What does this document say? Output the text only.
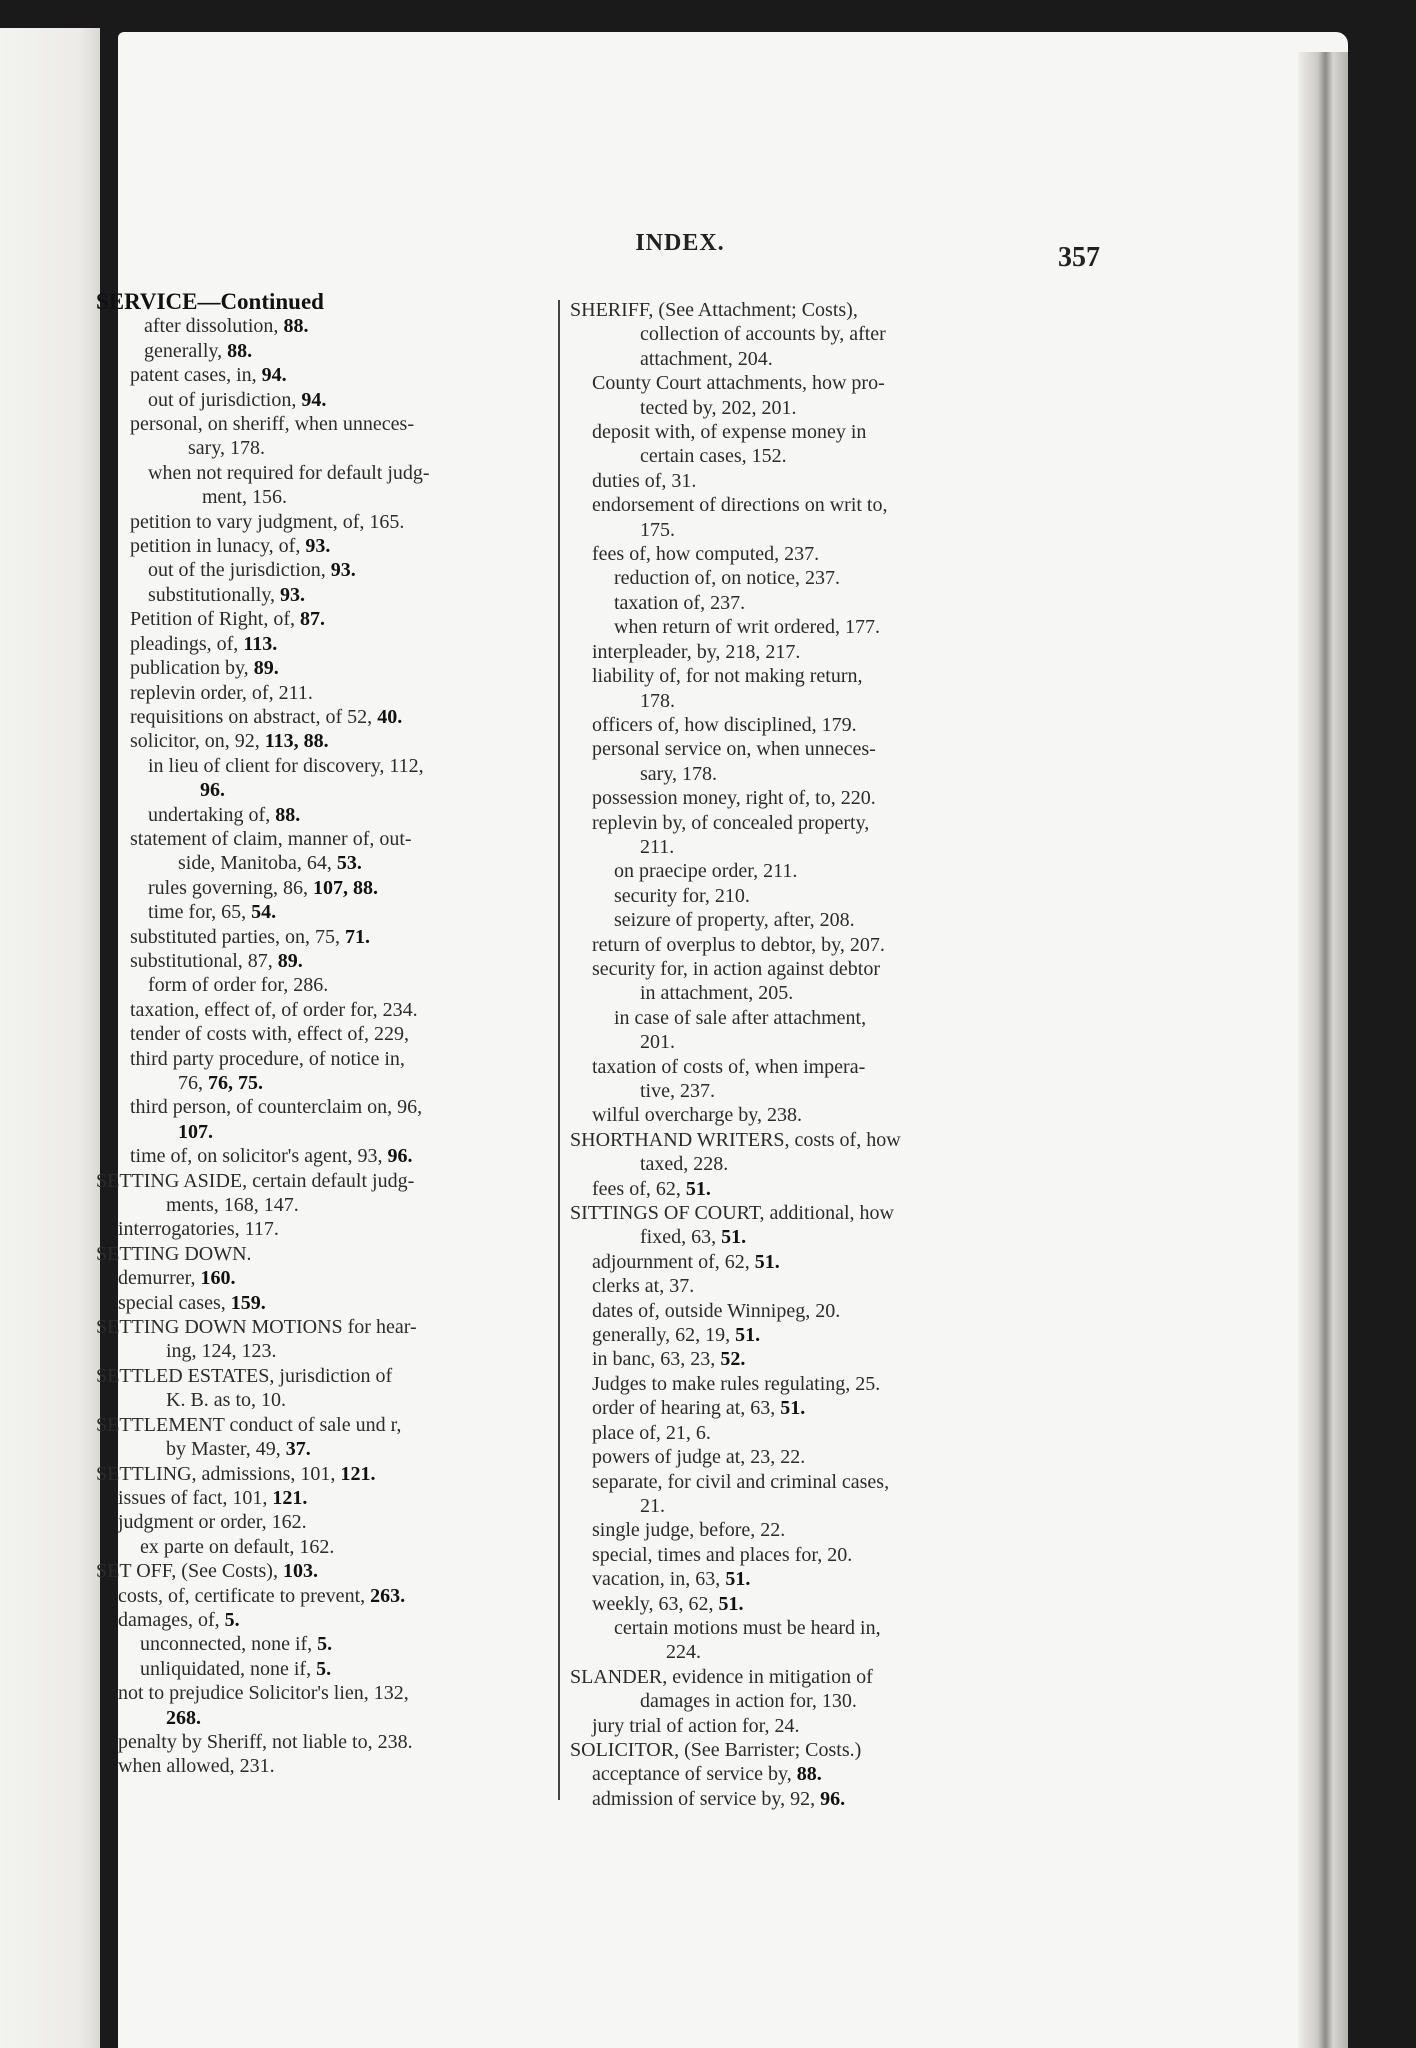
INDEX.	357
SERVICE—Continued
after dissolution, 88.
generally, 88.
patent cases, in, 94.
out of jurisdiction, 94.
personal, on sheriff, when unneces-
sary, 178.
when not required for default judg-
ment, 156.
petition to vary judgment, of, 165.
petition in lunacy, of, 93.
out of the jurisdiction, 93.
substitutionally, 93.
Petition of Right, of, 87.
pleadings, of, 113.
publication by, 89.
replevin order, of, 211.
requisitions on abstract, of 52, 40.
solicitor, on, 92, 113, 88.
in lieu of client for discovery, 112,
96.
undertaking of, 88.
statement of claim, manner of, out-
side, Manitoba, 64, 53.
rules governing, 86, 107, 88.
time for, 65, 54.
substituted parties, on, 75, 71.
substitutional, 87, 89.
form of order for, 286.
taxation, effect of, of order for, 234.
tender of costs with, effect of, 229,
third party procedure, of notice in,
76, 76, 75.
third person, of counterclaim on, 96,
107.
time of, on solicitor's agent, 93, 96.
SETTING ASIDE, certain default judg-
ments, 168, 147.
interrogatories, 117.
SETTING DOWN.
demurrer, 160.
special cases, 159.
SETTING DOWN MOTIONS for hear-
ing, 124, 123.
SETTLED ESTATES, jurisdiction of
K. B. as to, 10.
SETTLEMENT conduct of sale und r,
by Master, 49, 37.
SETTLING, admissions, 101, 121.
issues of fact, 101, 121.
judgment or order, 162.
ex parte on default, 162.
SET OFF, (See Costs), 103.
costs, of, certificate to prevent, 263.
damages, of, 5.
unconnected, none if, 5.
unliquidated, none if, 5.
not to prejudice Solicitor's lien, 132,
268.
penalty by Sheriff, not liable to, 238.
when allowed, 231.
SHERIFF, (See Attachment; Costs),
collection of accounts by, after
attachment, 204.
County Court attachments, how pro-
tected by, 202, 201.
deposit with, of expense money in
certain cases, 152.
duties of, 31.
endorsement of directions on writ to,
175.
fees of, how computed, 237.
reduction of, on notice, 237.
taxation of, 237.
when return of writ ordered, 177.
interpleader, by, 218, 217.
liability of, for not making return,
178.
officers of, how disciplined, 179.
personal service on, when unneces-
sary, 178.
possession money, right of, to, 220.
replevin by, of concealed property,
211.
on praecipe order, 211.
security for, 210.
seizure of property, after, 208.
return of overplus to debtor, by, 207.
security for, in action against debtor
in attachment, 205.
in case of sale after attachment,
201.
taxation of costs of, when impera-
tive, 237.
wilful overcharge by, 238.
SHORTHAND WRITERS, costs of, how
taxed, 228.
fees of, 62, 51.
SITTINGS OF COURT, additional, how
fixed, 63, 51.
adjournment of, 62, 51.
clerks at, 37.
dates of, outside Winnipeg, 20.
generally, 62, 19, 51.
in banc, 63, 23, 52.
Judges to make rules regulating, 25.
order of hearing at, 63, 51.
place of, 21, 6.
powers of judge at, 23, 22.
separate, for civil and criminal cases,
21.
single judge, before, 22.
special, times and places for, 20.
vacation, in, 63, 51.
weekly, 63, 62, 51.
certain motions must be heard in,
224.
SLANDER, evidence in mitigation of
damages in action for, 130.
jury trial of action for, 24.
SOLICITOR, (See Barrister; Costs.)
acceptance of service by, 88.
admission of service by, 92, 96.
